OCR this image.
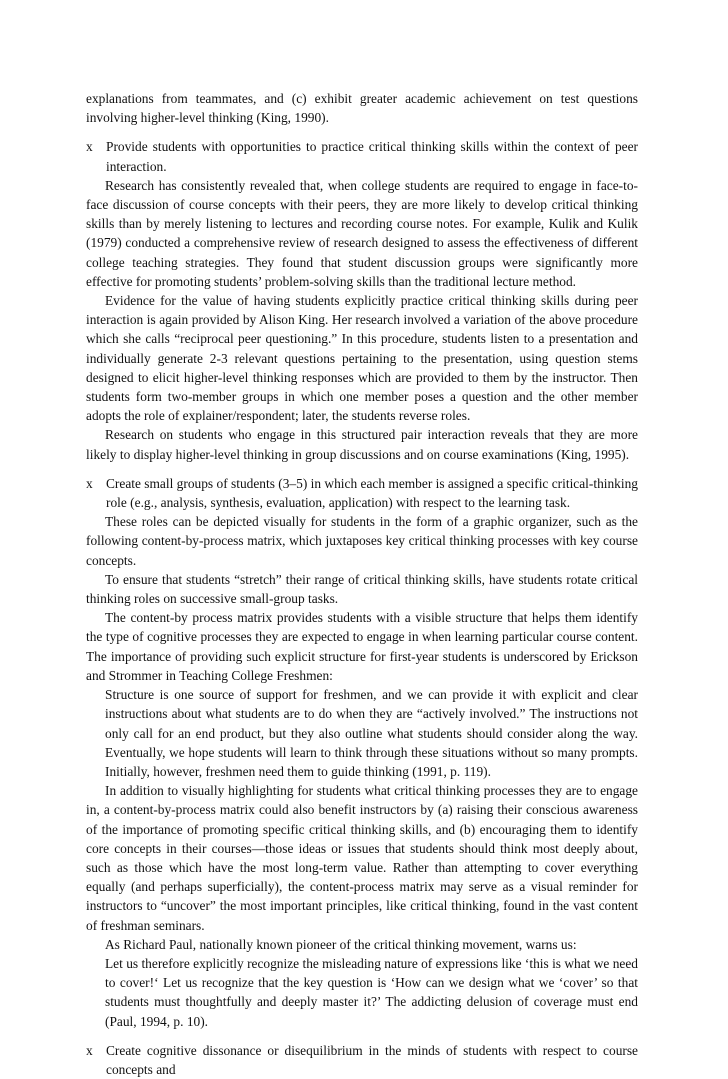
explanations from teammates, and (c) exhibit greater academic achievement on test questions involving higher-level thinking (King, 1990).

x Provide students with opportunities to practice critical thinking skills within the context of peer interaction.

Research has consistently revealed that, when college students are required to engage in face-to-face discussion of course concepts with their peers, they are more likely to develop critical thinking skills than by merely listening to lectures and recording course notes. For example, Kulik and Kulik (1979) conducted a comprehensive review of research designed to assess the effectiveness of different college teaching strategies. They found that student discussion groups were significantly more effective for promoting students’ problem-solving skills than the traditional lecture method.

Evidence for the value of having students explicitly practice critical thinking skills during peer interaction is again provided by Alison King. Her research involved a variation of the above procedure which she calls “reciprocal peer questioning.” In this procedure, students listen to a presentation and individually generate 2-3 relevant questions pertaining to the presentation, using question stems designed to elicit higher-level thinking responses which are provided to them by the instructor. Then students form two-member groups in which one member poses a question and the other member adopts the role of explainer/respondent; later, the students reverse roles.

Research on students who engage in this structured pair interaction reveals that they are more likely to display higher-level thinking in group discussions and on course examinations (King, 1995).

x Create small groups of students (3–5) in which each member is assigned a specific critical-thinking role (e.g., analysis, synthesis, evaluation, application) with respect to the learning task.

These roles can be depicted visually for students in the form of a graphic organizer, such as the following content-by-process matrix, which juxtaposes key critical thinking processes with key course concepts.

To ensure that students “stretch” their range of critical thinking skills, have students rotate critical thinking roles on successive small-group tasks.

The content-by process matrix provides students with a visible structure that helps them identify the type of cognitive processes they are expected to engage in when learning particular course content. The importance of providing such explicit structure for first-year students is underscored by Erickson and Strommer in Teaching College Freshmen:

Structure is one source of support for freshmen, and we can provide it with explicit and clear instructions about what students are to do when they are “actively involved.” The instructions not only call for an end product, but they also outline what students should consider along the way. Eventually, we hope students will learn to think through these situations without so many prompts. Initially, however, freshmen need them to guide thinking (1991, p. 119).

In addition to visually highlighting for students what critical thinking processes they are to engage in, a content-by-process matrix could also benefit instructors by (a) raising their conscious awareness of the importance of promoting specific critical thinking skills, and (b) encouraging them to identify core concepts in their courses—those ideas or issues that students should think most deeply about, such as those which have the most long-term value. Rather than attempting to cover everything equally (and perhaps superficially), the content-process matrix may serve as a visual reminder for instructors to “uncover” the most important principles, like critical thinking, found in the vast content of freshman seminars.

As Richard Paul, nationally known pioneer of the critical thinking movement, warns us:

Let us therefore explicitly recognize the misleading nature of expressions like ‘this is what we need to cover!‘ Let us recognize that the key question is ‘How can we design what we ‘cover’ so that students must thoughtfully and deeply master it?’ The addicting delusion of coverage must end (Paul, 1994, p. 10).

x Create cognitive dissonance or disequilibrium in the minds of students with respect to course concepts and
